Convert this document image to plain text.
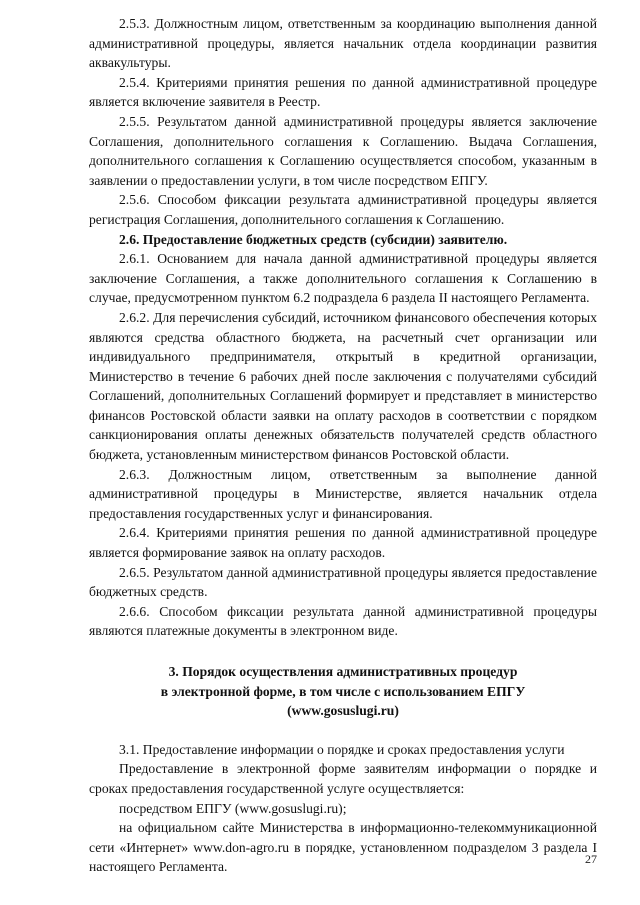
2.5.3. Должностным лицом, ответственным за координацию выполнения данной административной процедуры, является начальник отдела координации развития аквакультуры.

2.5.4. Критериями принятия решения по данной административной процедуре является включение заявителя в Реестр.

2.5.5. Результатом данной административной процедуры является заключение Соглашения, дополнительного соглашения к Соглашению. Выдача Соглашения, дополнительного соглашения к Соглашению осуществляется способом, указанным в заявлении о предоставлении услуги, в том числе посредством ЕПГУ.

2.5.6. Способом фиксации результата административной процедуры является регистрация Соглашения, дополнительного соглашения к Соглашению.

2.6. Предоставление бюджетных средств (субсидии) заявителю.

2.6.1. Основанием для начала данной административной процедуры является заключение Соглашения, а также дополнительного соглашения к Соглашению в случае, предусмотренном пунктом 6.2 подраздела 6 раздела II настоящего Регламента.

2.6.2. Для перечисления субсидий, источником финансового обеспечения которых являются средства областного бюджета, на расчетный счет организации или индивидуального предпринимателя, открытый в кредитной организации, Министерство в течение 6 рабочих дней после заключения с получателями субсидий Соглашений, дополнительных Соглашений формирует и представляет в министерство финансов Ростовской области заявки на оплату расходов в соответствии с порядком санкционирования оплаты денежных обязательств получателей средств областного бюджета, установленным министерством финансов Ростовской области.

2.6.3. Должностным лицом, ответственным за выполнение данной административной процедуры в Министерстве, является начальник отдела предоставления государственных услуг и финансирования.

2.6.4. Критериями принятия решения по данной административной процедуре является формирование заявок на оплату расходов.

2.6.5. Результатом данной административной процедуры является предоставление бюджетных средств.

2.6.6. Способом фиксации результата данной административной процедуры являются платежные документы в электронном виде.

3. Порядок осуществления административных процедур
в электронной форме, в том числе с использованием ЕПГУ
(www.gosuslugi.ru)

3.1. Предоставление информации о порядке и сроках предоставления услуги

Предоставление в электронной форме заявителям информации о порядке и сроках предоставления государственной услуге осуществляется:

посредством ЕПГУ (www.gosuslugi.ru);

на официальном сайте Министерства в информационно-телекоммуникационной сети «Интернет» www.don-agro.ru в порядке, установленном подразделом 3 раздела I настоящего Регламента.

27
